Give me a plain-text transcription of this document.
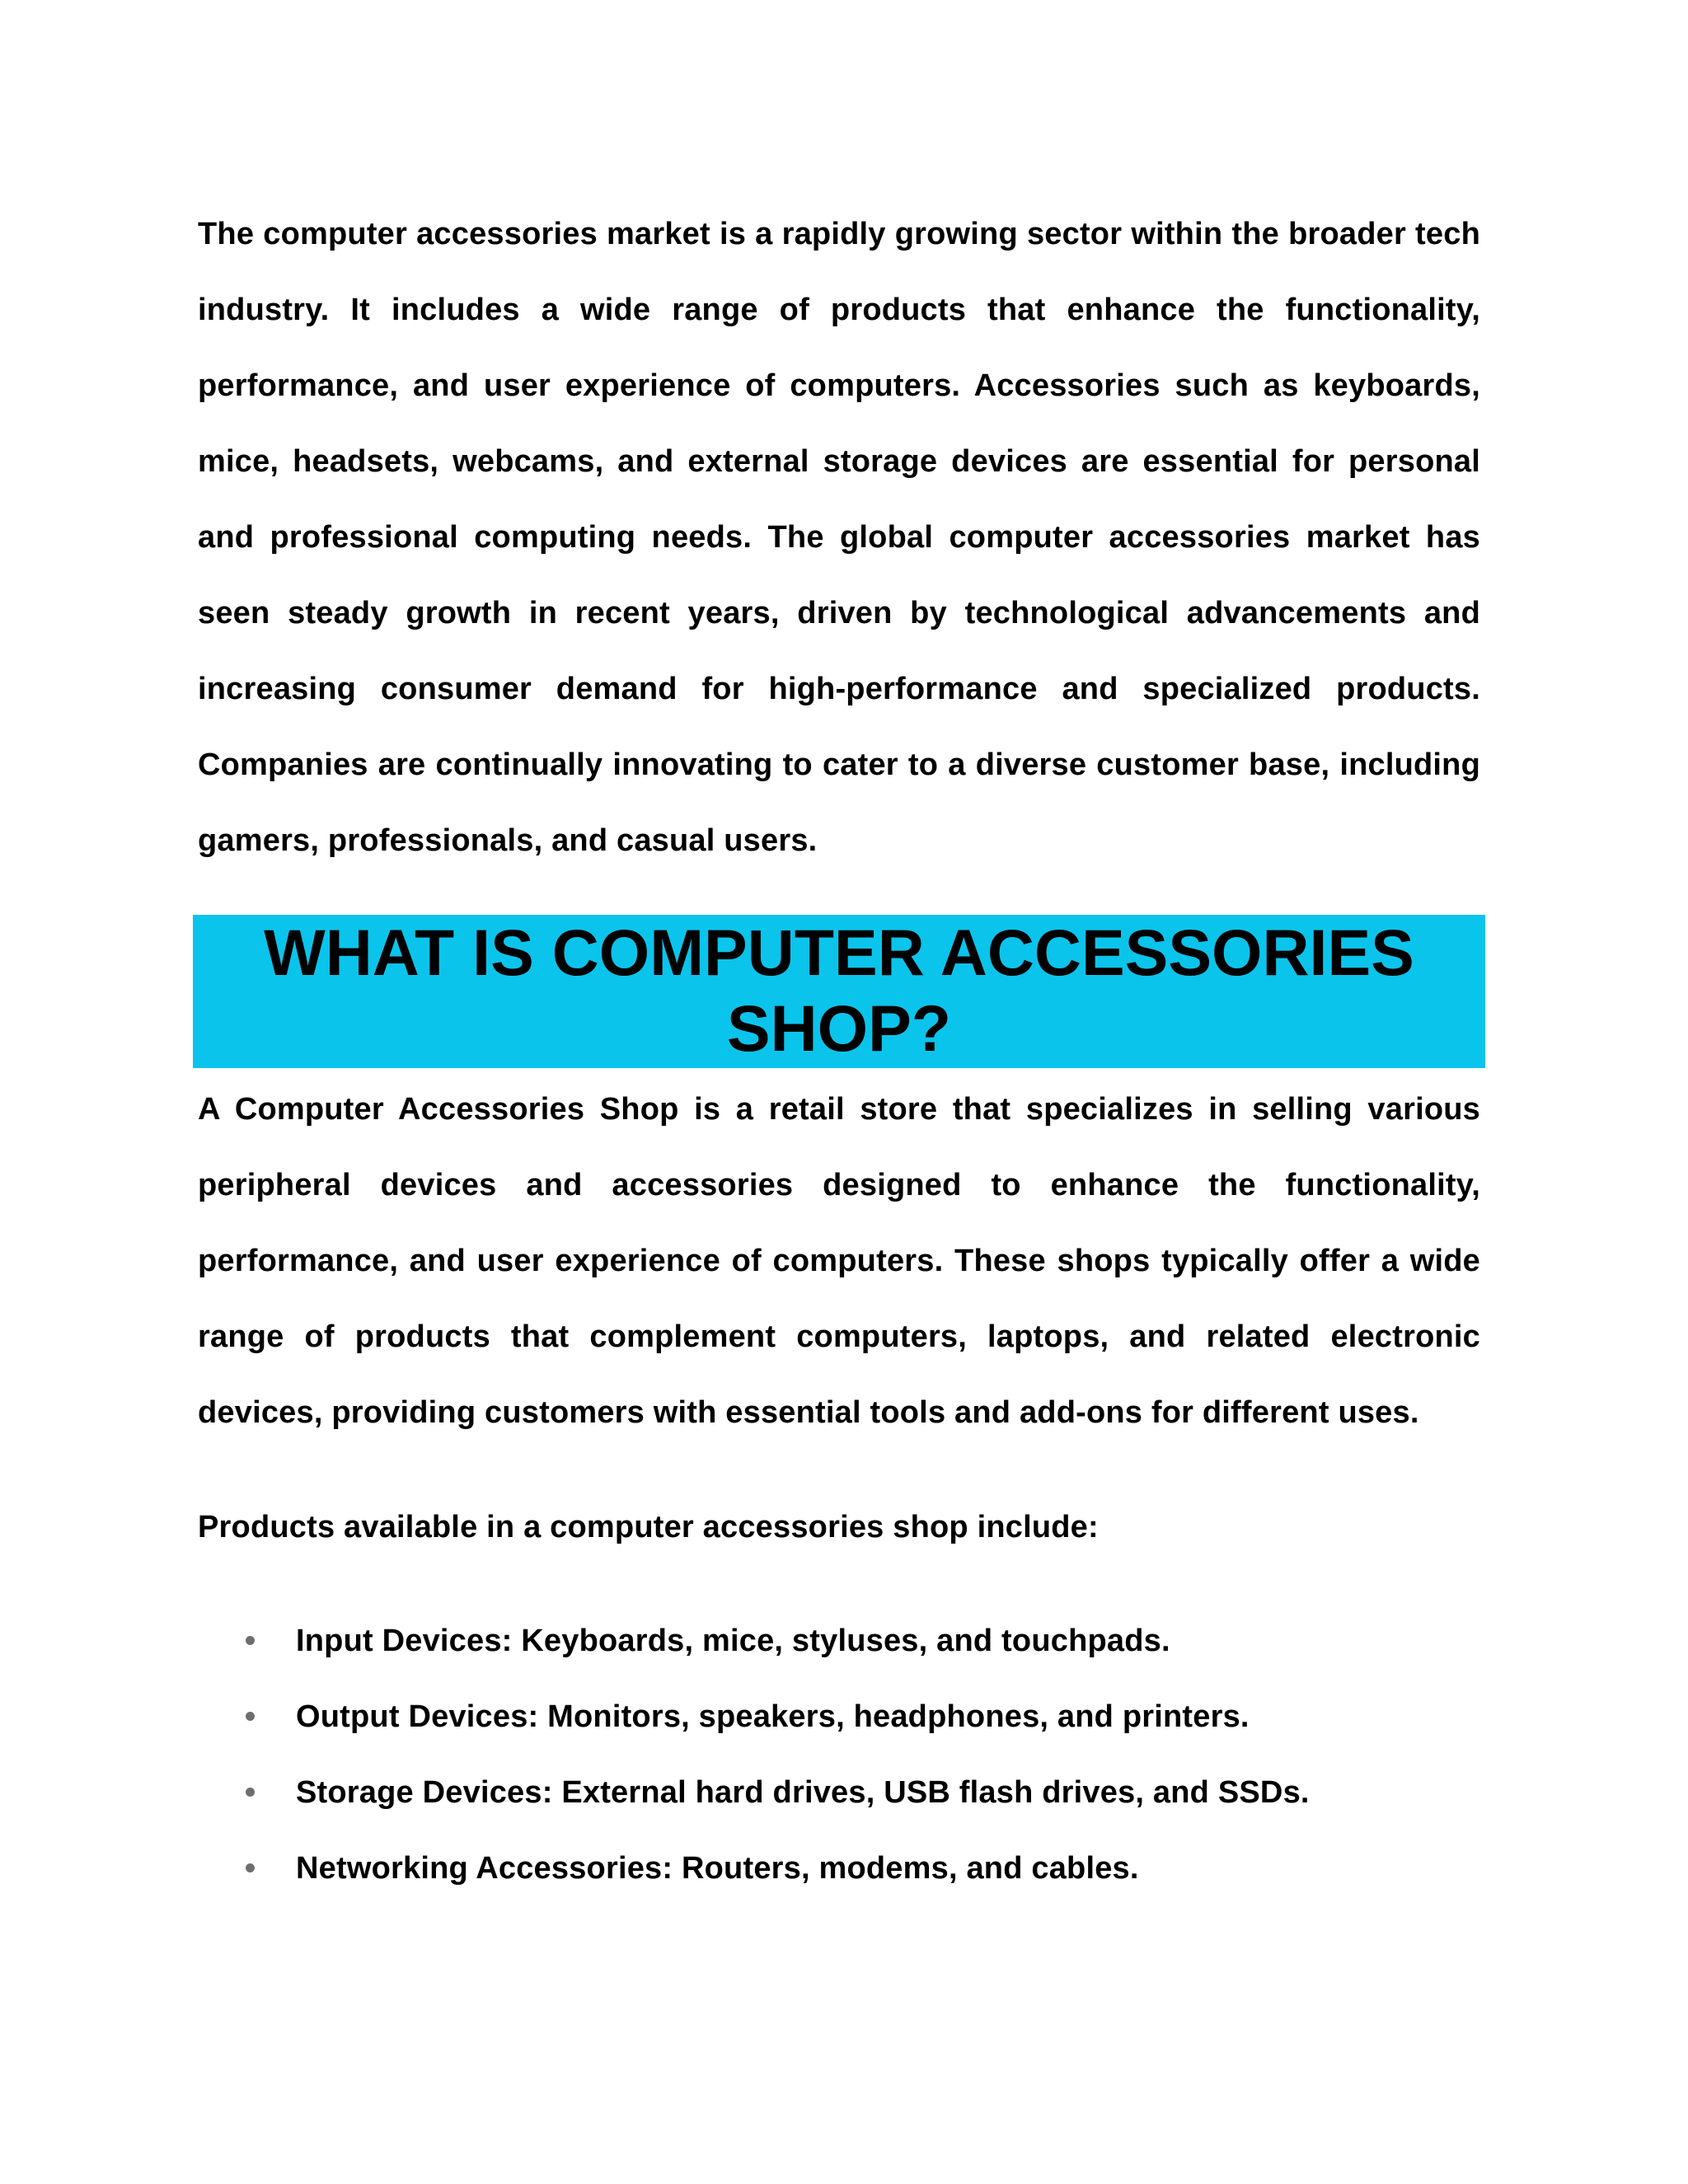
The computer accessories market is a rapidly growing sector within the broader tech industry. It includes a wide range of products that enhance the functionality, performance, and user experience of computers. Accessories such as keyboards, mice, headsets, webcams, and external storage devices are essential for personal and professional computing needs. The global computer accessories market has seen steady growth in recent years, driven by technological advancements and increasing consumer demand for high-performance and specialized products. Companies are continually innovating to cater to a diverse customer base, including gamers, professionals, and casual users.

WHAT IS COMPUTER ACCESSORIES
SHOP?

A Computer Accessories Shop is a retail store that specializes in selling various peripheral devices and accessories designed to enhance the functionality, performance, and user experience of computers. These shops typically offer a wide range of products that complement computers, laptops, and related electronic devices, providing customers with essential tools and add-ons for different uses.

Products available in a computer accessories shop include:

Input Devices: Keyboards, mice, styluses, and touchpads.
Output Devices: Monitors, speakers, headphones, and printers.
Storage Devices: External hard drives, USB flash drives, and SSDs.
Networking Accessories: Routers, modems, and cables.
